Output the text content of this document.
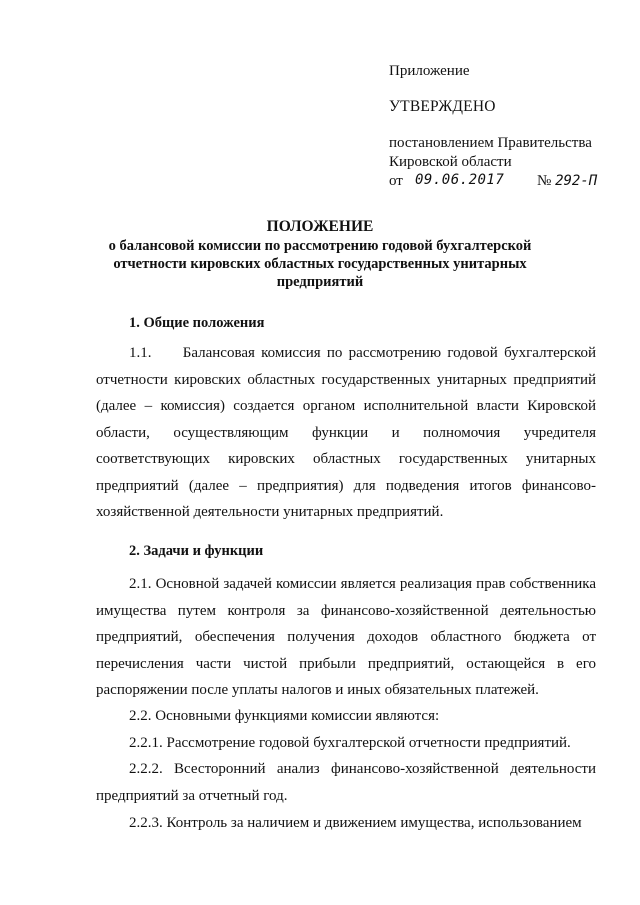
Приложение
УТВЕРЖДЕНО
постановлением Правительства
Кировской области
от 09.06.2017 № 292-П
ПОЛОЖЕНИЕ
о балансовой комиссии по рассмотрению годовой бухгалтерской отчетности кировских областных государственных унитарных предприятий
1. Общие положения
1.1.     Балансовая комиссия по рассмотрению годовой бухгалтерской отчетности кировских областных государственных унитарных предприятий (далее – комиссия) создается органом исполнительной власти Кировской области, осуществляющим функции и полномочия учредителя соответствующих кировских областных государственных унитарных предприятий (далее – предприятия) для подведения итогов финансово-хозяйственной деятельности унитарных предприятий.
2. Задачи и функции
2.1. Основной задачей комиссии является реализация прав собственника имущества путем контроля за финансово-хозяйственной деятельностью предприятий, обеспечения получения доходов областного бюджета от перечисления части чистой прибыли предприятий, остающейся в его распоряжении после уплаты налогов и иных обязательных платежей.
2.2. Основными функциями комиссии являются:
2.2.1. Рассмотрение годовой бухгалтерской отчетности предприятий.
2.2.2. Всесторонний анализ финансово-хозяйственной деятельности предприятий за отчетный год.
2.2.3. Контроль за наличием и движением имущества, использованием
